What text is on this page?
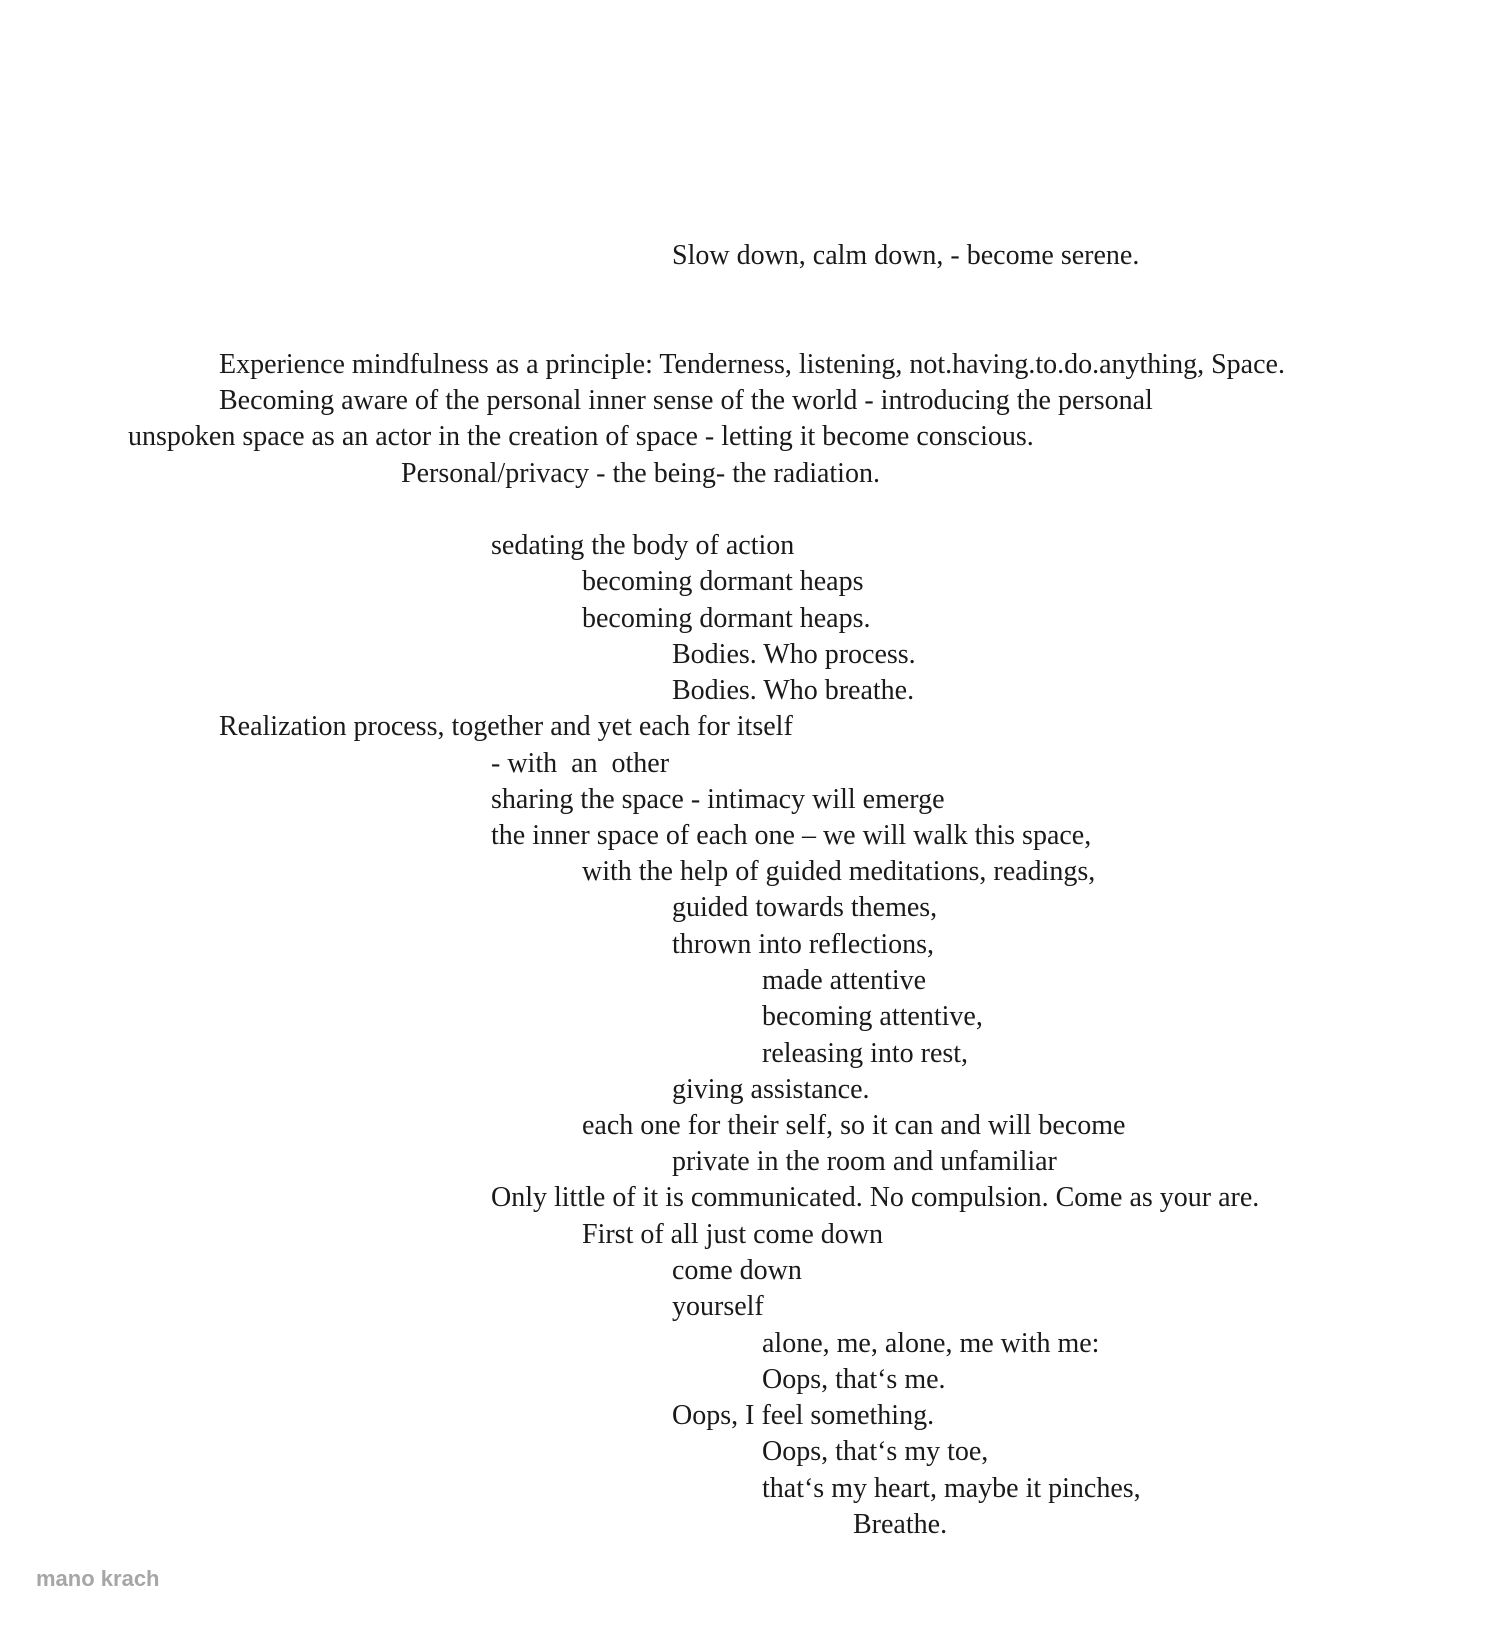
Slow down, calm down, - become serene.
Experience mindfulness as a principle: Tenderness, listening, not.having.to.do.anything, Space.
Becoming aware of the personal inner sense of the world - introducing the personal
unspoken space as an actor in the creation of space - letting it become conscious.
Personal/privacy - the being- the radiation.
sedating the body of action
becoming dormant heaps
becoming dormant heaps.
Bodies. Who process.
Bodies. Who breathe.
Realization process, together and yet each for itself
- with  an  other
sharing the space - intimacy will emerge
the inner space of each one – we will walk this space,
with the help of guided meditations, readings,
guided towards themes,
thrown into reflections,
made attentive
becoming attentive,
releasing into rest,
giving assistance.
each one for their self, so it can and will become
private in the room and unfamiliar
Only little of it is communicated. No compulsion. Come as your are.
First of all just come down
come down
yourself
alone, me, alone, me with me:
Oops, that‘s me.
Oops, I feel something.
Oops, that‘s my toe,
that‘s my heart, maybe it pinches,
Breathe.
mano krach
